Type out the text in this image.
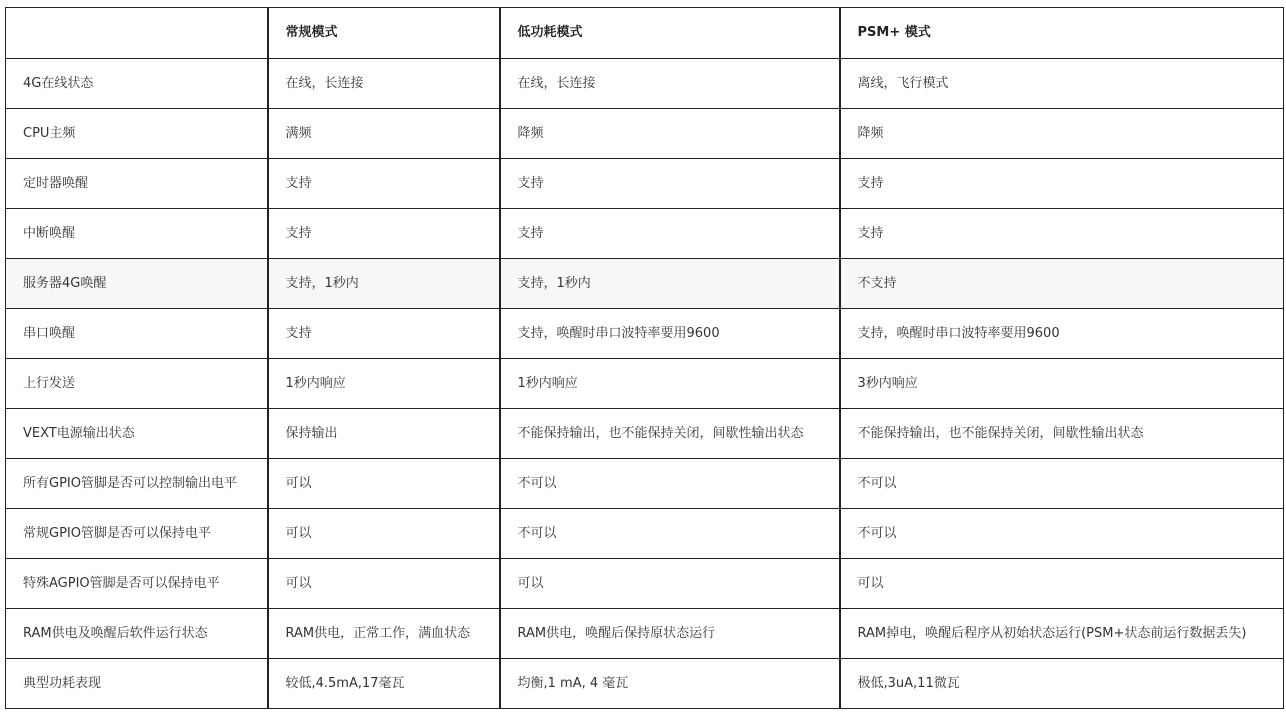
	常规模式	低功耗模式	PSM+ 模式
4G在线状态	在线，长连接	在线，长连接	离线，飞行模式
CPU主频	满频	降频	降频
定时器唤醒	支持	支持	支持
中断唤醒	支持	支持	支持
服务器4G唤醒	支持，1秒内	支持，1秒内	不支持
串口唤醒	支持	支持，唤醒时串口波特率要用9600	支持，唤醒时串口波特率要用9600
上行发送	1秒内响应	1秒内响应	3秒内响应
VEXT电源输出状态	保持输出	不能保持输出，也不能保持关闭，间歇性输出状态	不能保持输出，也不能保持关闭，间歇性输出状态
所有GPIO管脚是否可以控制输出电平	可以	不可以	不可以
常规GPIO管脚是否可以保持电平	可以	不可以	不可以
特殊AGPIO管脚是否可以保持电平	可以	可以	可以
RAM供电及唤醒后软件运行状态	RAM供电，正常工作，满血状态	RAM供电，唤醒后保持原状态运行	RAM掉电，唤醒后程序从初始状态运行(PSM+状态前运行数据丢失)
典型功耗表现	较低,4.5mA,17毫瓦	均衡,1 mA, 4 毫瓦	极低,3uA,11微瓦
